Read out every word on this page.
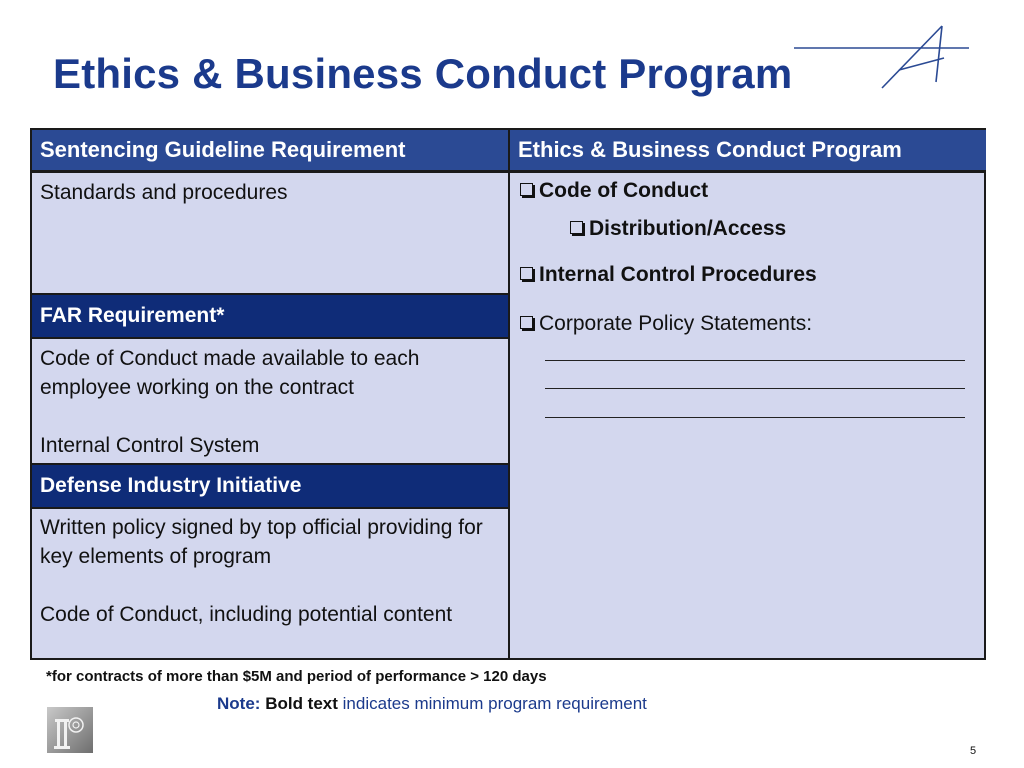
Ethics & Business Conduct Program
Sentencing Guideline Requirement	Ethics & Business Conduct Program
Standards and procedures
FAR Requirement*

Code of Conduct made available to each employee working on the contract

Internal Control System

Defense Industry Initiative

Written policy signed by top official providing for key elements of program

Code of Conduct, including potential content

Code of Conduct
Distribution/Access
Internal Control Procedures
Corporate Policy Statements:
*for contracts of more than $5M and period of performance > 120 days
Note: Bold text indicates minimum program requirement
5
